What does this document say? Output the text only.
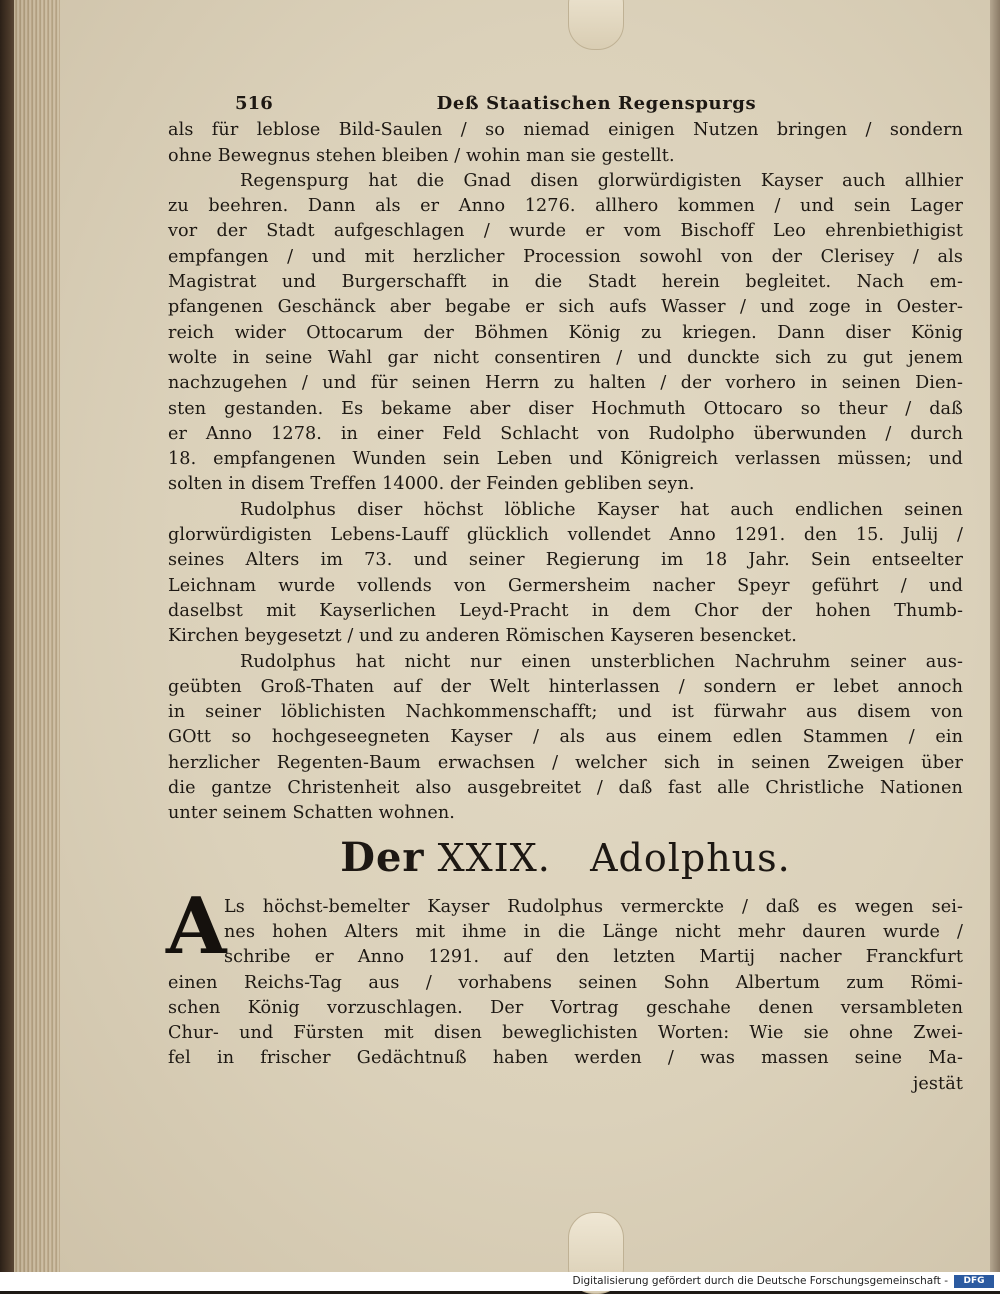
516	Deß Staatischen Regenspurgs
als für leblose Bild-Saulen / so niemad einigen Nutzen bringen / sondern
ohne Bewegnus stehen bleiben / wohin man sie gestellt.
Regenspurg hat die Gnad disen glorwürdigisten Kayser auch allhier
zu beehren. Dann als er Anno 1276. allhero kommen / und sein Lager
vor der Stadt aufgeschlagen / wurde er vom Bischoff Leo ehrenbiethigist
empfangen / und mit herzlicher Procession sowohl von der Clerisey / als
Magistrat und Burgerschafft in die Stadt herein begleitet. Nach em-
pfangenen Geschänck aber begabe er sich aufs Wasser / und zoge in Oester-
reich wider Ottocarum der Böhmen König zu kriegen. Dann diser König
wolte in seine Wahl gar nicht consentiren / und dunckte sich zu gut jenem
nachzugehen / und für seinen Herrn zu halten / der vorhero in seinen Dien-
sten gestanden. Es bekame aber diser Hochmuth Ottocaro so theur / daß
er Anno 1278. in einer Feld Schlacht von Rudolpho überwunden / durch
18. empfangenen Wunden sein Leben und Königreich verlassen müssen; und
solten in disem Treffen 14000. der Feinden gebliben seyn.
Rudolphus diser höchst löbliche Kayser hat auch endlichen seinen
glorwürdigisten Lebens-Lauff glücklich vollendet Anno 1291. den 15. Julij /
seines Alters im 73. und seiner Regierung im 18 Jahr. Sein entseelter
Leichnam wurde vollends von Germersheim nacher Speyr geführt / und
daselbst mit Kayserlichen Leyd-Pracht in dem Chor der hohen Thumb-
Kirchen beygesetzt / und zu anderen Römischen Kayseren besencket.
Rudolphus hat nicht nur einen unsterblichen Nachruhm seiner aus-
geübten Groß-Thaten auf der Welt hinterlassen / sondern er lebet annoch
in seiner löblichisten Nachkommenschafft; und ist fürwahr aus disem von
GOtt so hochgeseegneten Kayser / als aus einem edlen Stammen / ein
herzlicher Regenten-Baum erwachsen / welcher sich in seinen Zweigen über
die gantze Christenheit also ausgebreitet / daß fast alle Christliche Nationen
unter seinem Schatten wohnen.
Der XXIX. Adolphus.
A
Ls höchst-bemelter Kayser Rudolphus vermerckte / daß es wegen sei-
nes hohen Alters mit ihme in die Länge nicht mehr dauren wurde /
schribe er Anno 1291. auf den letzten Martij nacher Franckfurt
einen Reichs-Tag aus / vorhabens seinen Sohn Albertum zum Römi-
schen König vorzuschlagen. Der Vortrag geschahe denen versambleten
Chur- und Fürsten mit disen beweglichisten Worten: Wie sie ohne Zwei-
fel in frischer Gedächtnuß haben werden / was massen seine Ma-
jestät
Digitalisierung gefördert durch die Deutsche Forschungsgemeinschaft -	DFG
